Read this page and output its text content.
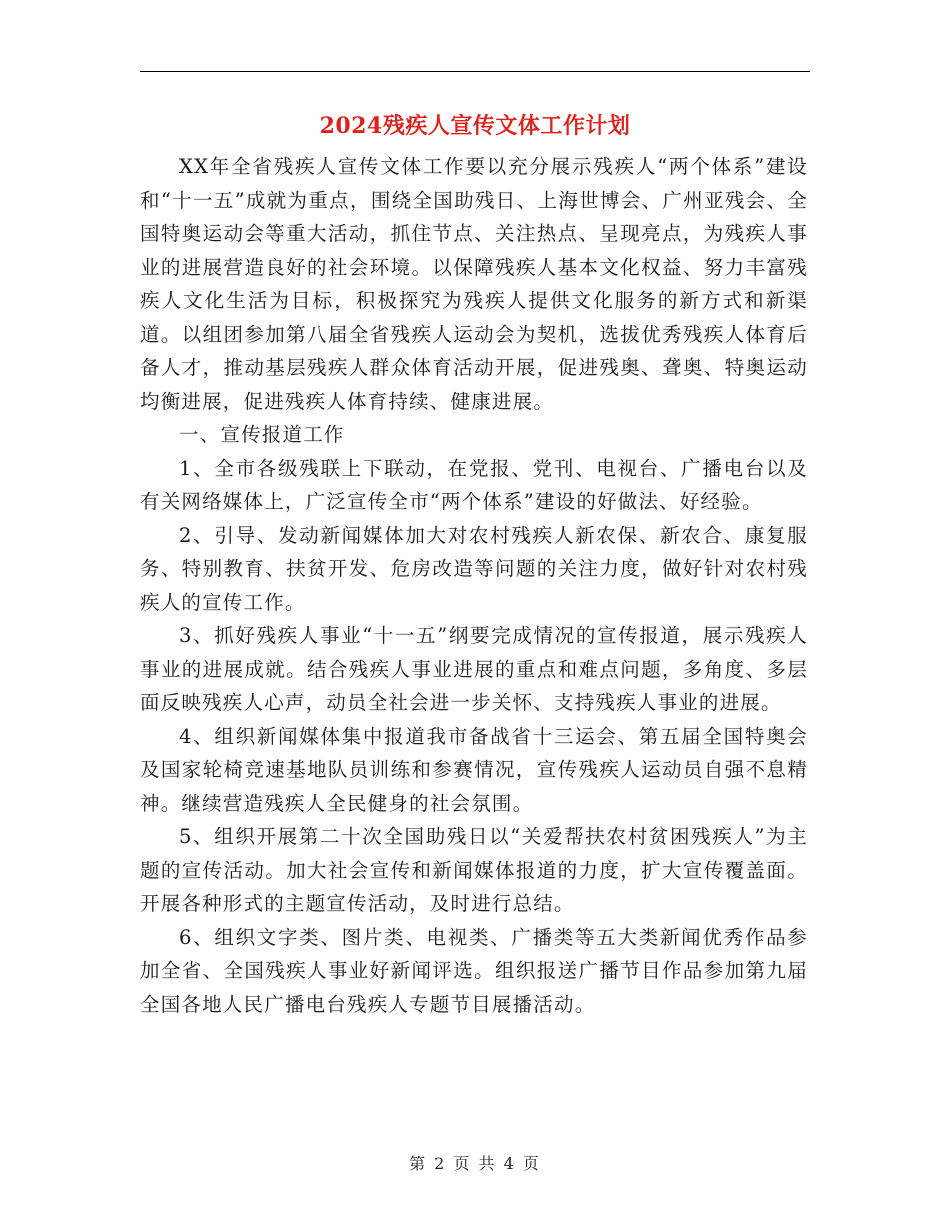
2024残疾人宣传文体工作计划

XX年全省残疾人宣传文体工作要以充分展示残疾人“两个体系”建设和“十一五”成就为重点，围绕全国助残日、上海世博会、广州亚残会、全国特奥运动会等重大活动，抓住节点、关注热点、呈现亮点，为残疾人事业的进展营造良好的社会环境。以保障残疾人基本文化权益、努力丰富残疾人文化生活为目标，积极探究为残疾人提供文化服务的新方式和新渠道。以组团参加第八届全省残疾人运动会为契机，选拔优秀残疾人体育后备人才，推动基层残疾人群众体育活动开展，促进残奥、聋奥、特奥运动均衡进展，促进残疾人体育持续、健康进展。

一、宣传报道工作

1、全市各级残联上下联动，在党报、党刊、电视台、广播电台以及有关网络媒体上，广泛宣传全市“两个体系”建设的好做法、好经验。

2、引导、发动新闻媒体加大对农村残疾人新农保、新农合、康复服务、特别教育、扶贫开发、危房改造等问题的关注力度，做好针对农村残疾人的宣传工作。

3、抓好残疾人事业“十一五”纲要完成情况的宣传报道，展示残疾人事业的进展成就。结合残疾人事业进展的重点和难点问题，多角度、多层面反映残疾人心声，动员全社会进一步关怀、支持残疾人事业的进展。

4、组织新闻媒体集中报道我市备战省十三运会、第五届全国特奥会及国家轮椅竞速基地队员训练和参赛情况，宣传残疾人运动员自强不息精神。继续营造残疾人全民健身的社会氛围。

5、组织开展第二十次全国助残日以“关爱帮扶农村贫困残疾人”为主题的宣传活动。加大社会宣传和新闻媒体报道的力度，扩大宣传覆盖面。开展各种形式的主题宣传活动，及时进行总结。

6、组织文字类、图片类、电视类、广播类等五大类新闻优秀作品参加全省、全国残疾人事业好新闻评选。组织报送广播节目作品参加第九届全国各地人民广播电台残疾人专题节目展播活动。

第 2 页 共 4 页
